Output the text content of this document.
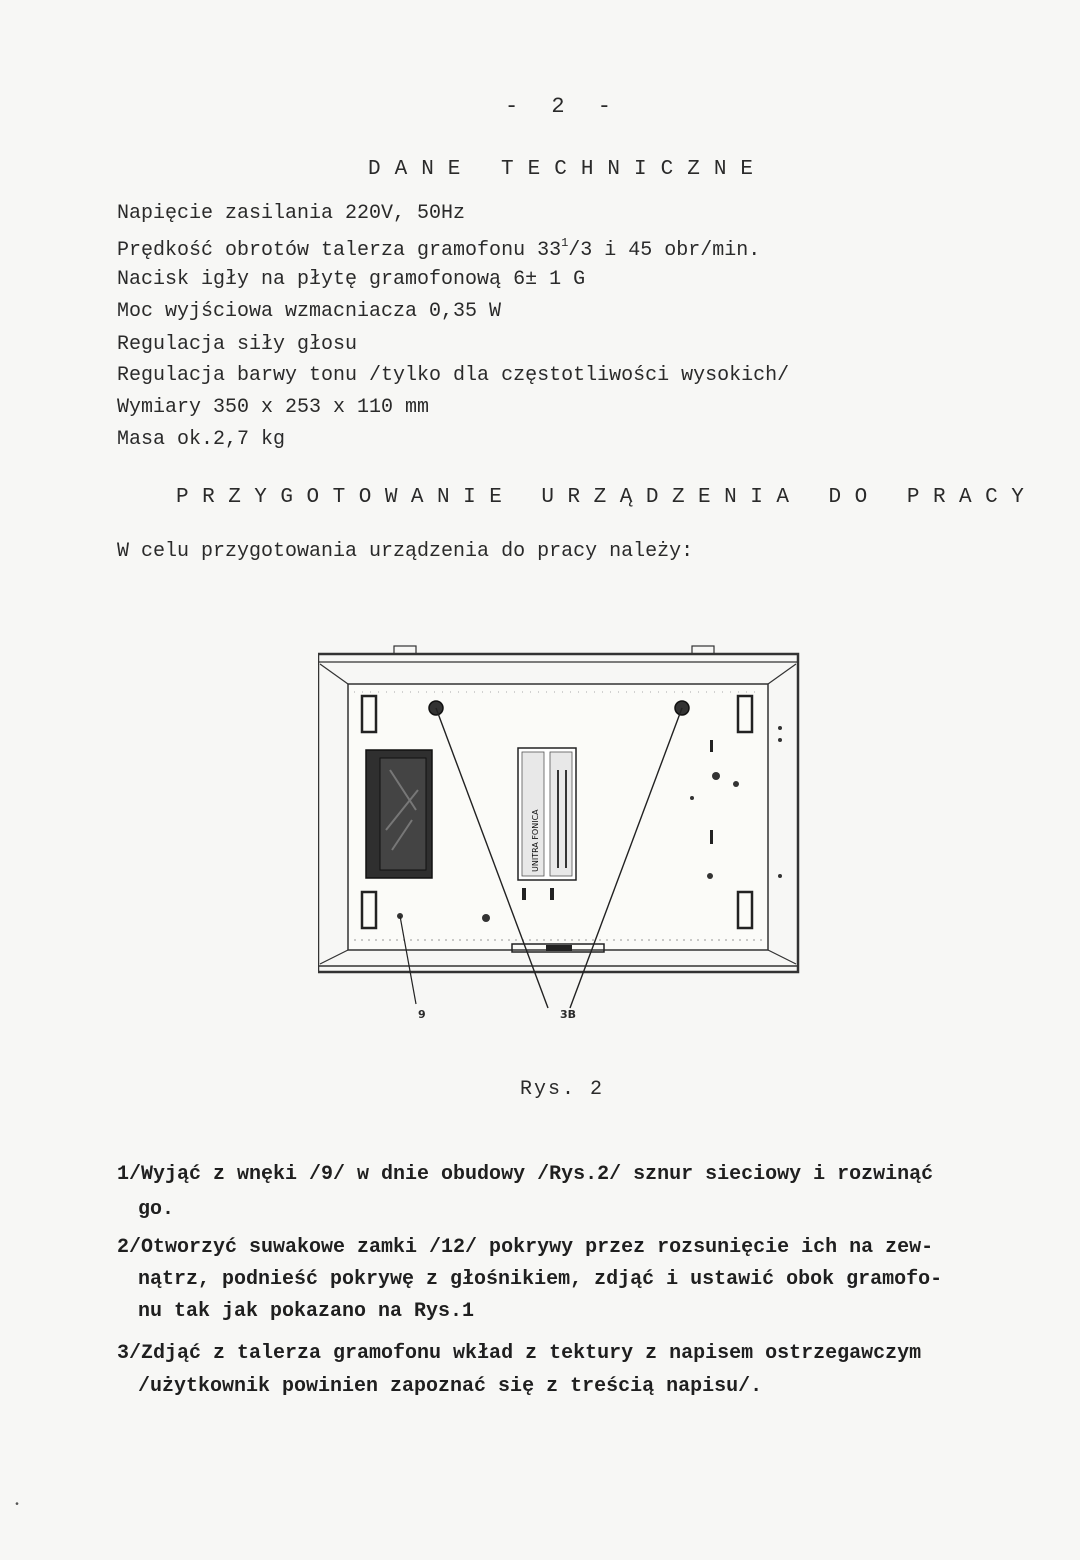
- 2 -
DANE TECHNICZNE
Napięcie zasilania 220V, 50Hz
Prędkość obrotów talerza gramofonu $33^1/3$ i 45 obr/min.
Nacisk igły na płytę gramofonową 6± 1 G
Moc wyjściowa wzmacniacza 0,35 W
Regulacja siły głosu
Regulacja barwy tonu /tylko dla częstotliwości wysokich/
Wymiary 350 x 253 x 110 mm
Masa ok.2,7 kg
PRZYGOTOWANIE URZĄDZENIA DO PRACY
W celu przygotowania urządzenia do pracy należy:
UNITRA FONICA
9	3B
Rys. 2
1/Wyjąć z wnęki /9/ w dnie obudowy /Rys.2/ sznur sieciowy i rozwinąć
go.
2/Otworzyć suwakowe zamki /12/ pokrywy przez rozsunięcie ich na zew-
nątrz, podnieść pokrywę z głośnikiem, zdjąć i ustawić obok gramofo-
nu tak jak pokazano na Rys.1
3/Zdjąć z talerza gramofonu wkład z tektury z napisem ostrzegawczym
/użytkownik powinien zapoznać się z treścią napisu/.
•
